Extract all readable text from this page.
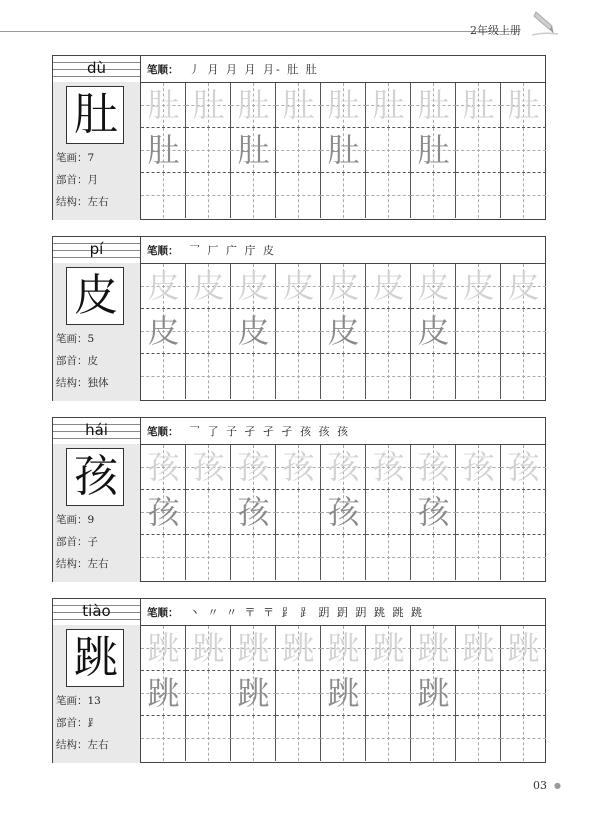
2年级上册
dù
肚
笔画：7
部首：月
结构：左右
笔顺： 丿 月 月 月 月- 肚 肚
肚 肚 肚 肚 肚 肚 肚 肚 肚
肚 肚 肚 肚
pí
皮
笔画：5
部首：皮
结构：独体
笔顺： 乛 厂 广 庁 皮
皮 皮 皮 皮 皮 皮 皮 皮 皮
皮 皮 皮 皮
hái
孩
笔画：9
部首：子
结构：左右
笔顺： 乛 了 子 孑 孑 孑 孩 孩 孩
孩 孩 孩 孩 孩 孩 孩 孩 孩
孩 孩 孩 孩
tiào
跳
笔画：13
部首：⻊
结构：左右
笔顺： 丶 〃 〃 〒 〒 ⻊ ⻊ 跀 跀 跀 跳 跳 跳
跳 跳 跳 跳 跳 跳 跳 跳 跳
跳 跳 跳 跳
03 ●
